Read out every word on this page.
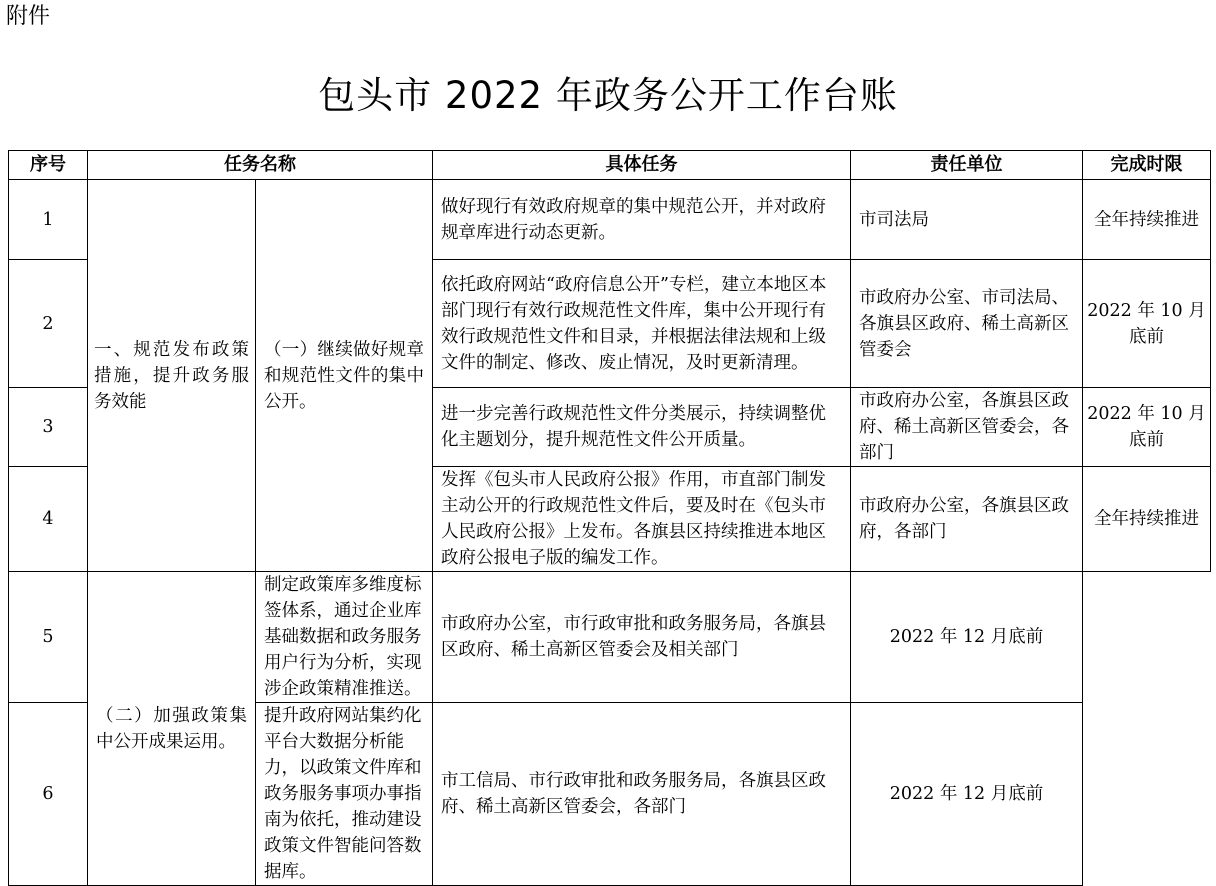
附件
包头市 2022 年政务公开工作台账
序号	任务名称		具体任务	责任单位	完成时限
1	一、规范发布政策措施，提升政务服务效能	（一）继续做好规章和规范性文件的集中公开。	做好现行有效政府规章的集中规范公开，并对政府规章库进行动态更新。	市司法局	全年持续推进
2			依托政府网站“政府信息公开”专栏，建立本地区本部门现行有效行政规范性文件库，集中公开现行有效行政规范性文件和目录，并根据法律法规和上级文件的制定、修改、废止情况，及时更新清理。	市政府办公室、市司法局、各旗县区政府、稀土高新区管委会	2022 年 10 月底前
3			进一步完善行政规范性文件分类展示，持续调整优化主题划分，提升规范性文件公开质量。	市政府办公室，各旗县区政府、稀土高新区管委会，各部门	2022 年 10 月底前
4			发挥《包头市人民政府公报》作用，市直部门制发主动公开的行政规范性文件后，要及时在《包头市人民政府公报》上发布。各旗县区持续推进本地区政府公报电子版的编发工作。	市政府办公室，各旗县区政府，各部门	全年持续推进
5	（二）加强政策集中公开成果运用。	制定政策库多维度标签体系，通过企业库基础数据和政务服务用户行为分析，实现涉企政策精准推送。	市政府办公室，市行政审批和政务服务局，各旗县区政府、稀土高新区管委会及相关部门	2022 年 12 月底前	
6		提升政府网站集约化平台大数据分析能力，以政策文件库和政务服务事项办事指南为依托，推动建设政策文件智能问答数据库。	市工信局、市行政审批和政务服务局，各旗县区政府、稀土高新区管委会，各部门	2022 年 12 月底前	
